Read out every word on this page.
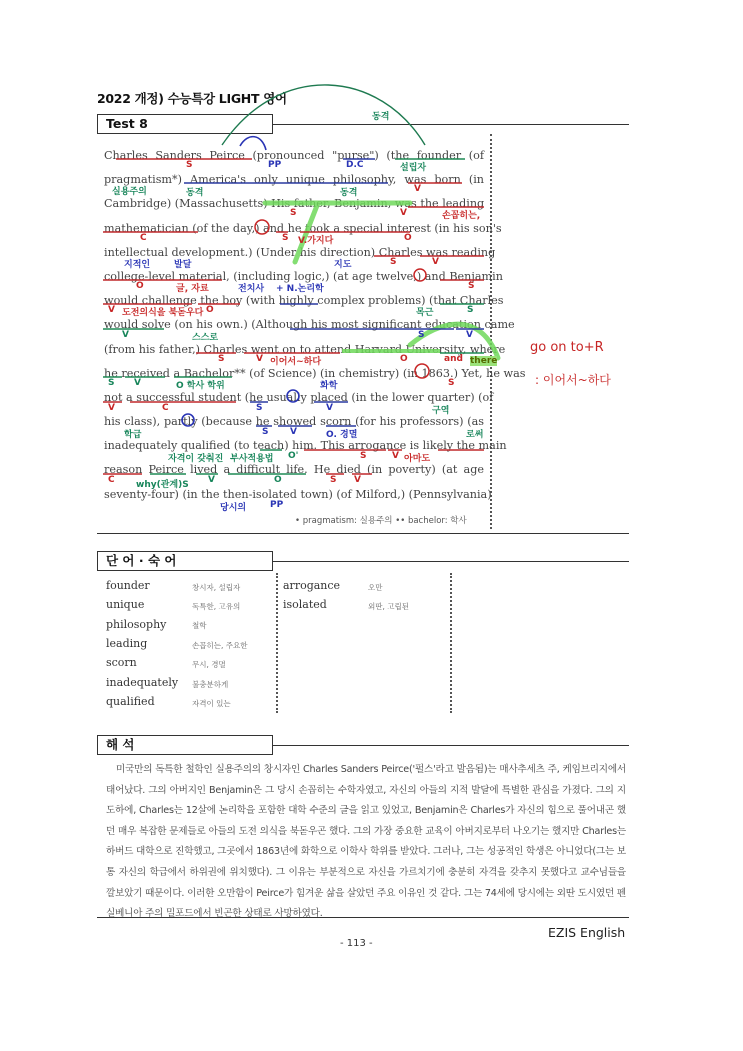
2022 개정) 수능특강 LIGHT 영어
Test 8
Charles Sanders Peirce (pronounced "purse") (the founder (of
pragmatism*) America's only unique philosophy, was born (in
Cambridge) (Massachusetts) His father, Benjamin, was the leading
mathematician (of the day,) and he took a special interest (in his son's
intellectual development.) (Under his direction) Charles was reading
college-level material, (including logic,) (at age twelve,) and Benjamin
would challenge the boy (with highly complex problems) (that Charles
would solve (on his own.) (Although his most significant education came
(from his father,) Charles went on to attend Harvard University, where
he received a Bachelor** (of Science) (in chemistry) (in 1863.) Yet, he was
not a successful student (he usually placed (in the lower quarter) (of
his class), partly (because he showed scorn (for his professors) (as
inadequately qualified (to teach) him. This arrogance is likely the main
reason Peirce lived a difficult life. He died (in poverty) (at age
seventy-four) (in the then-isolated town) (of Milford,) (Pennsylvania)
PP	D.C	설립자
S
동격
실용주의	동격	V
동격
S	V	손꼽히는,
C	S V.가지다	O
지적인	발달	지도	S	V
O	글, 자료	전치사 + N.논리학	S
V 도전의식을 북돋우다 O	목근	S
V	스스로	S	V
S	V 이어서~하다	O	and there
S V	O 학사 학위	화학	S
V	C	S	V	구역
학급	S V	O. 경멸	로써
자격이 갖춰진 부사적용법 O'	S	V 아마도
C why(관계)S V	O	S V
당시의	PP
go on to+R
: 이어서~하다
• pragmatism: 실용주의 •• bachelor: 학사
단 어 · 숙 어
founder	창시자, 설립자
unique	독특한, 고유의
philosophy	철학
leading	손꼽히는, 주요한
scorn	무시, 경멸
inadequately 불충분하게
qualified	자격이 있는
arrogance	오만
isolated	외딴, 고립된
해 석
미국만의 독특한 철학인 실용주의의 창시자인 Charles Sanders Peirce('펄스'라고 발음됨)는 매사추세츠 주, 케임브리지에서 태어났다. 그의 아버지인 Benjamin은 그 당시 손꼽히는 수학자였고, 자신의 아들의 지적 발달에 특별한 관심을 가졌다. 그의 지도하에, Charles는 12살에 논리학을 포함한 대학 수준의 글을 읽고 있었고, Benjamin은 Charles가 자신의 힘으로 풀어내곤 했던 매우 복잡한 문제들로 아들의 도전 의식을 북돋우곤 했다. 그의 가장 중요한 교육이 아버지로부터 나오기는 했지만 Charles는 하버드 대학으로 진학했고, 그곳에서 1863년에 화학으로 이학사 학위를 받았다. 그러나, 그는 성공적인 학생은 아니었다(그는 보통 자신의 학급에서 하위권에 위치했다). 그 이유는 부분적으로 자신을 가르치기에 충분히 자격을 갖추지 못했다고 교수님들을 깔보았기 때문이다. 이러한 오만함이 Peirce가 힘겨운 삶을 살았던 주요 이유인 것 같다. 그는 74세에 당시에는 외딴 도시였던 펜실베니아 주의 밀포드에서 빈곤한 상태로 사망하였다.
EZIS English
- 113 -
